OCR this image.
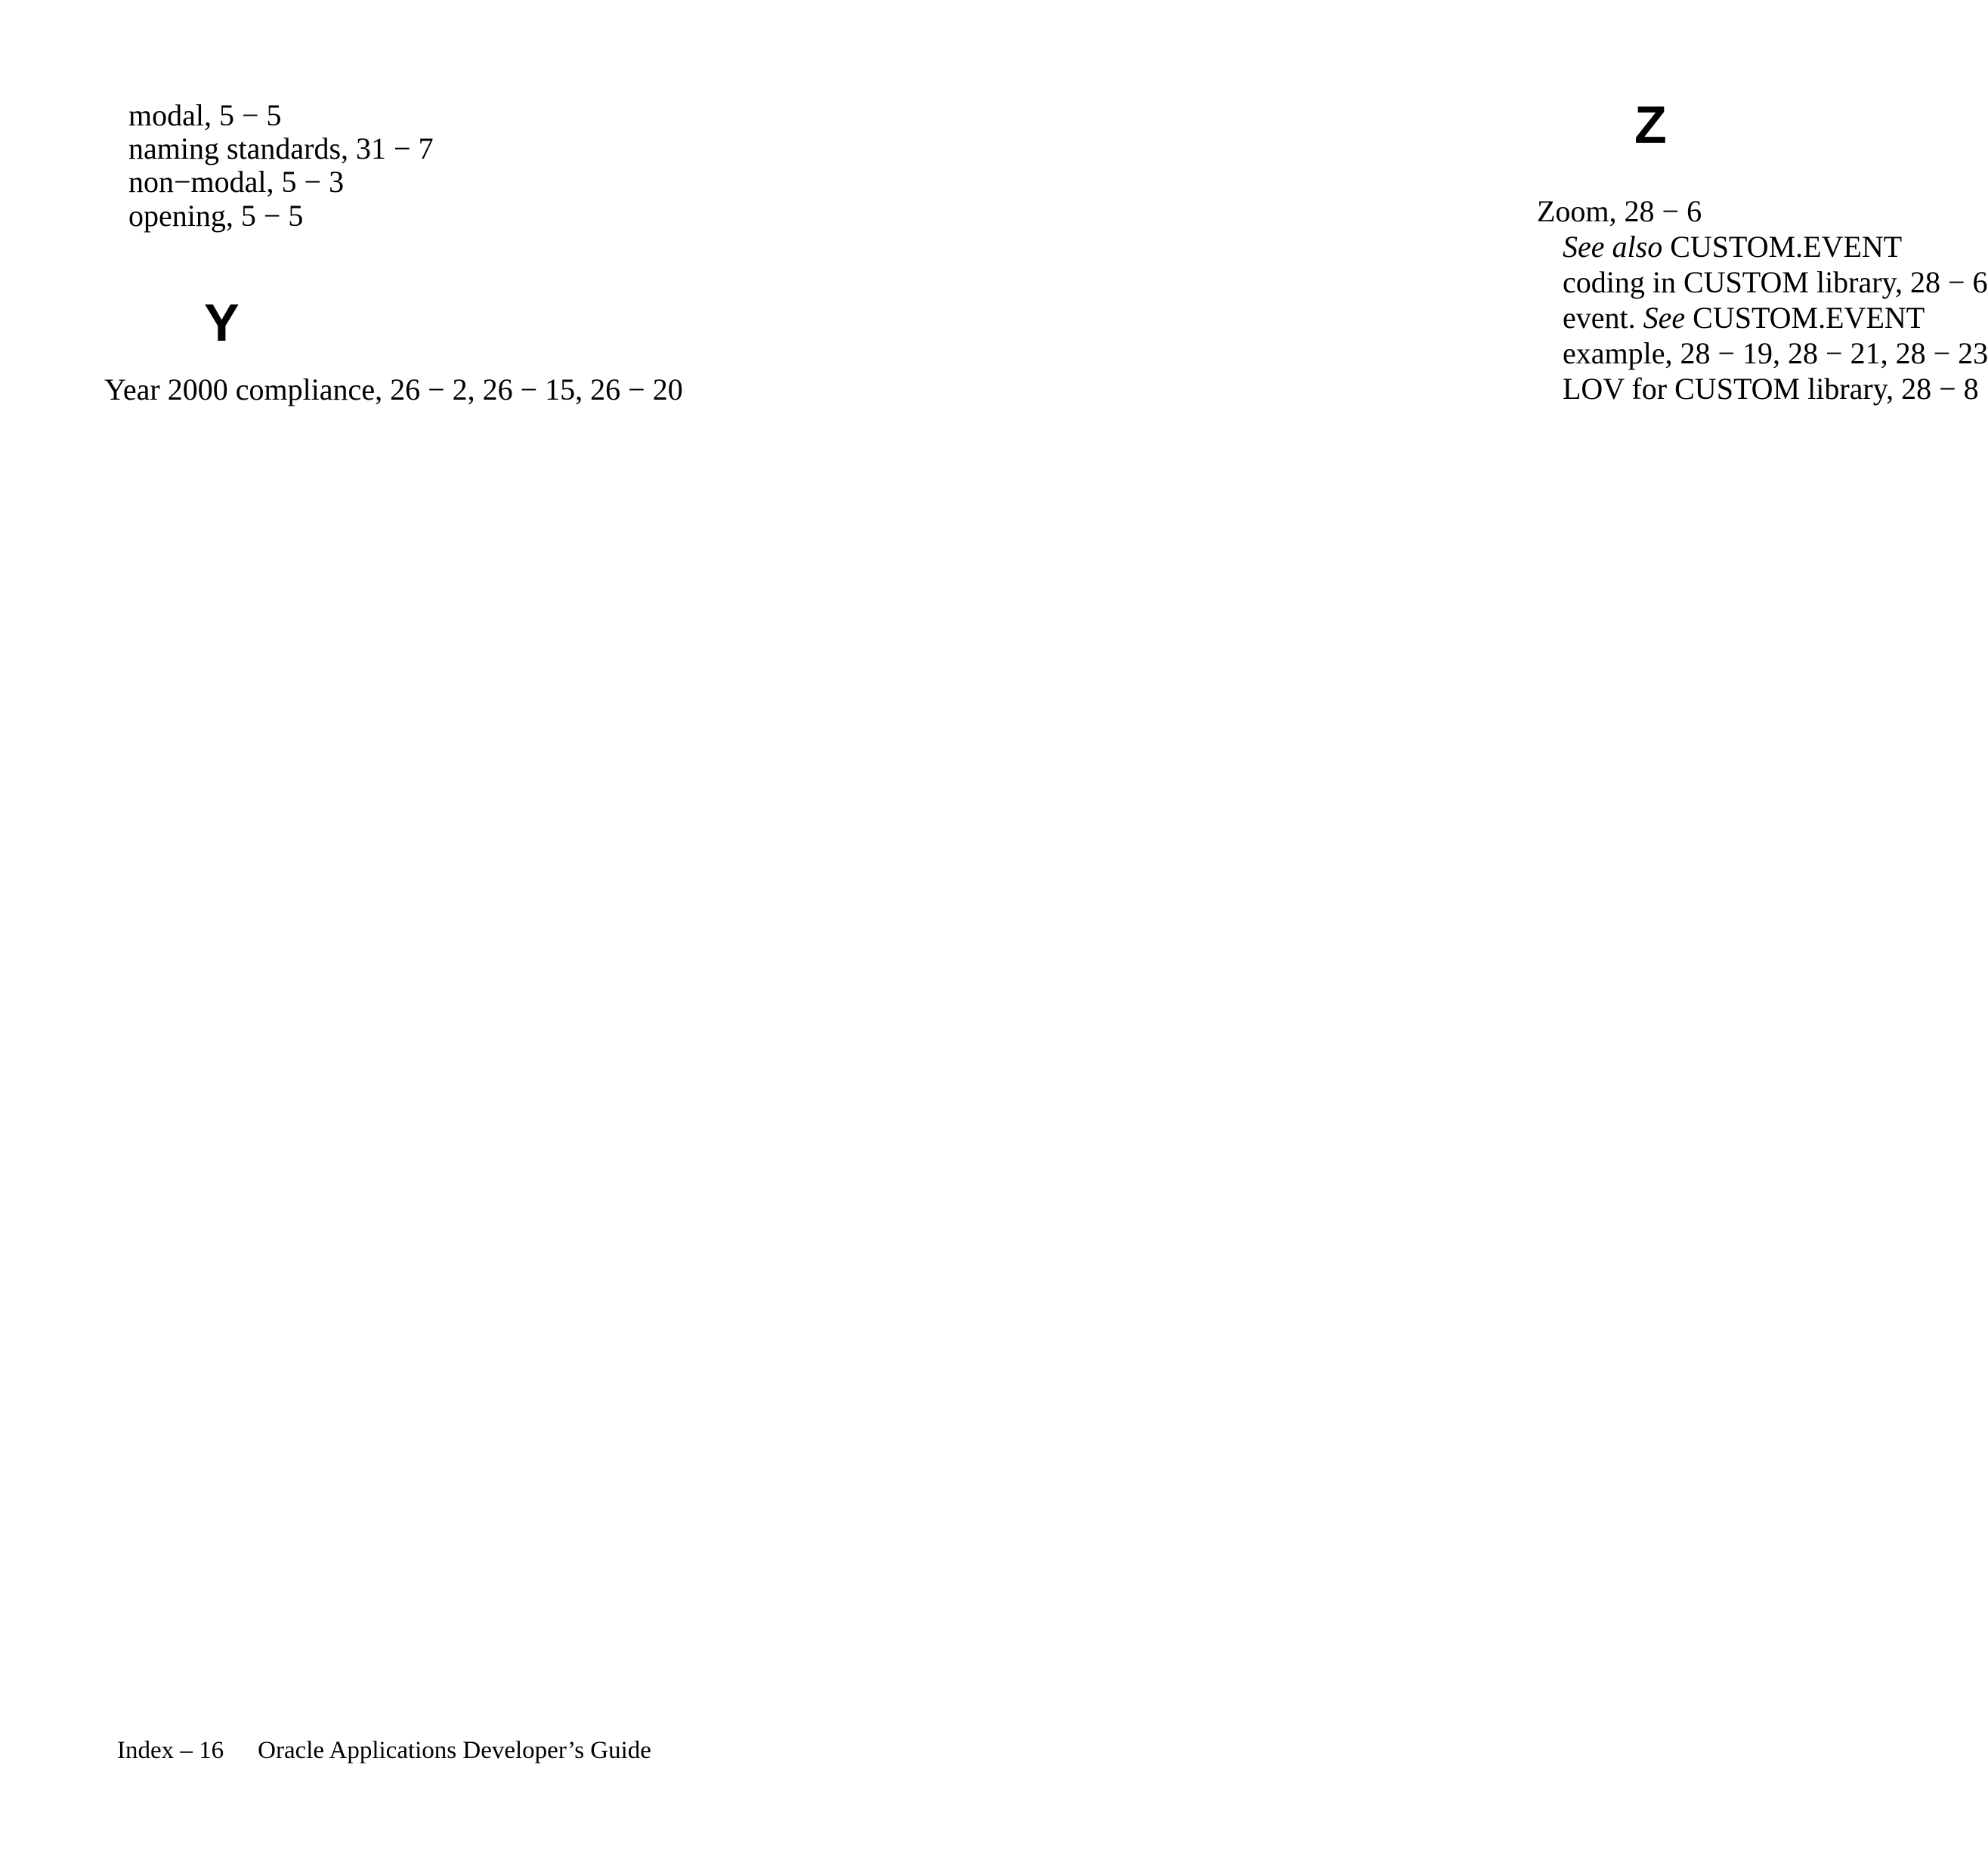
modal, 5 − 5
naming standards, 31 − 7
non−modal, 5 − 3
opening, 5 − 5
Y
Year 2000 compliance, 26 − 2, 26 − 15, 26 − 20
Z
Zoom, 28 − 6
See also CUSTOM.EVENT
coding in CUSTOM library, 28 − 6
event. See CUSTOM.EVENT
example, 28 − 19, 28 − 21, 28 − 23
LOV for CUSTOM library, 28 − 8
Index – 16 Oracle Applications Developer’s Guide
